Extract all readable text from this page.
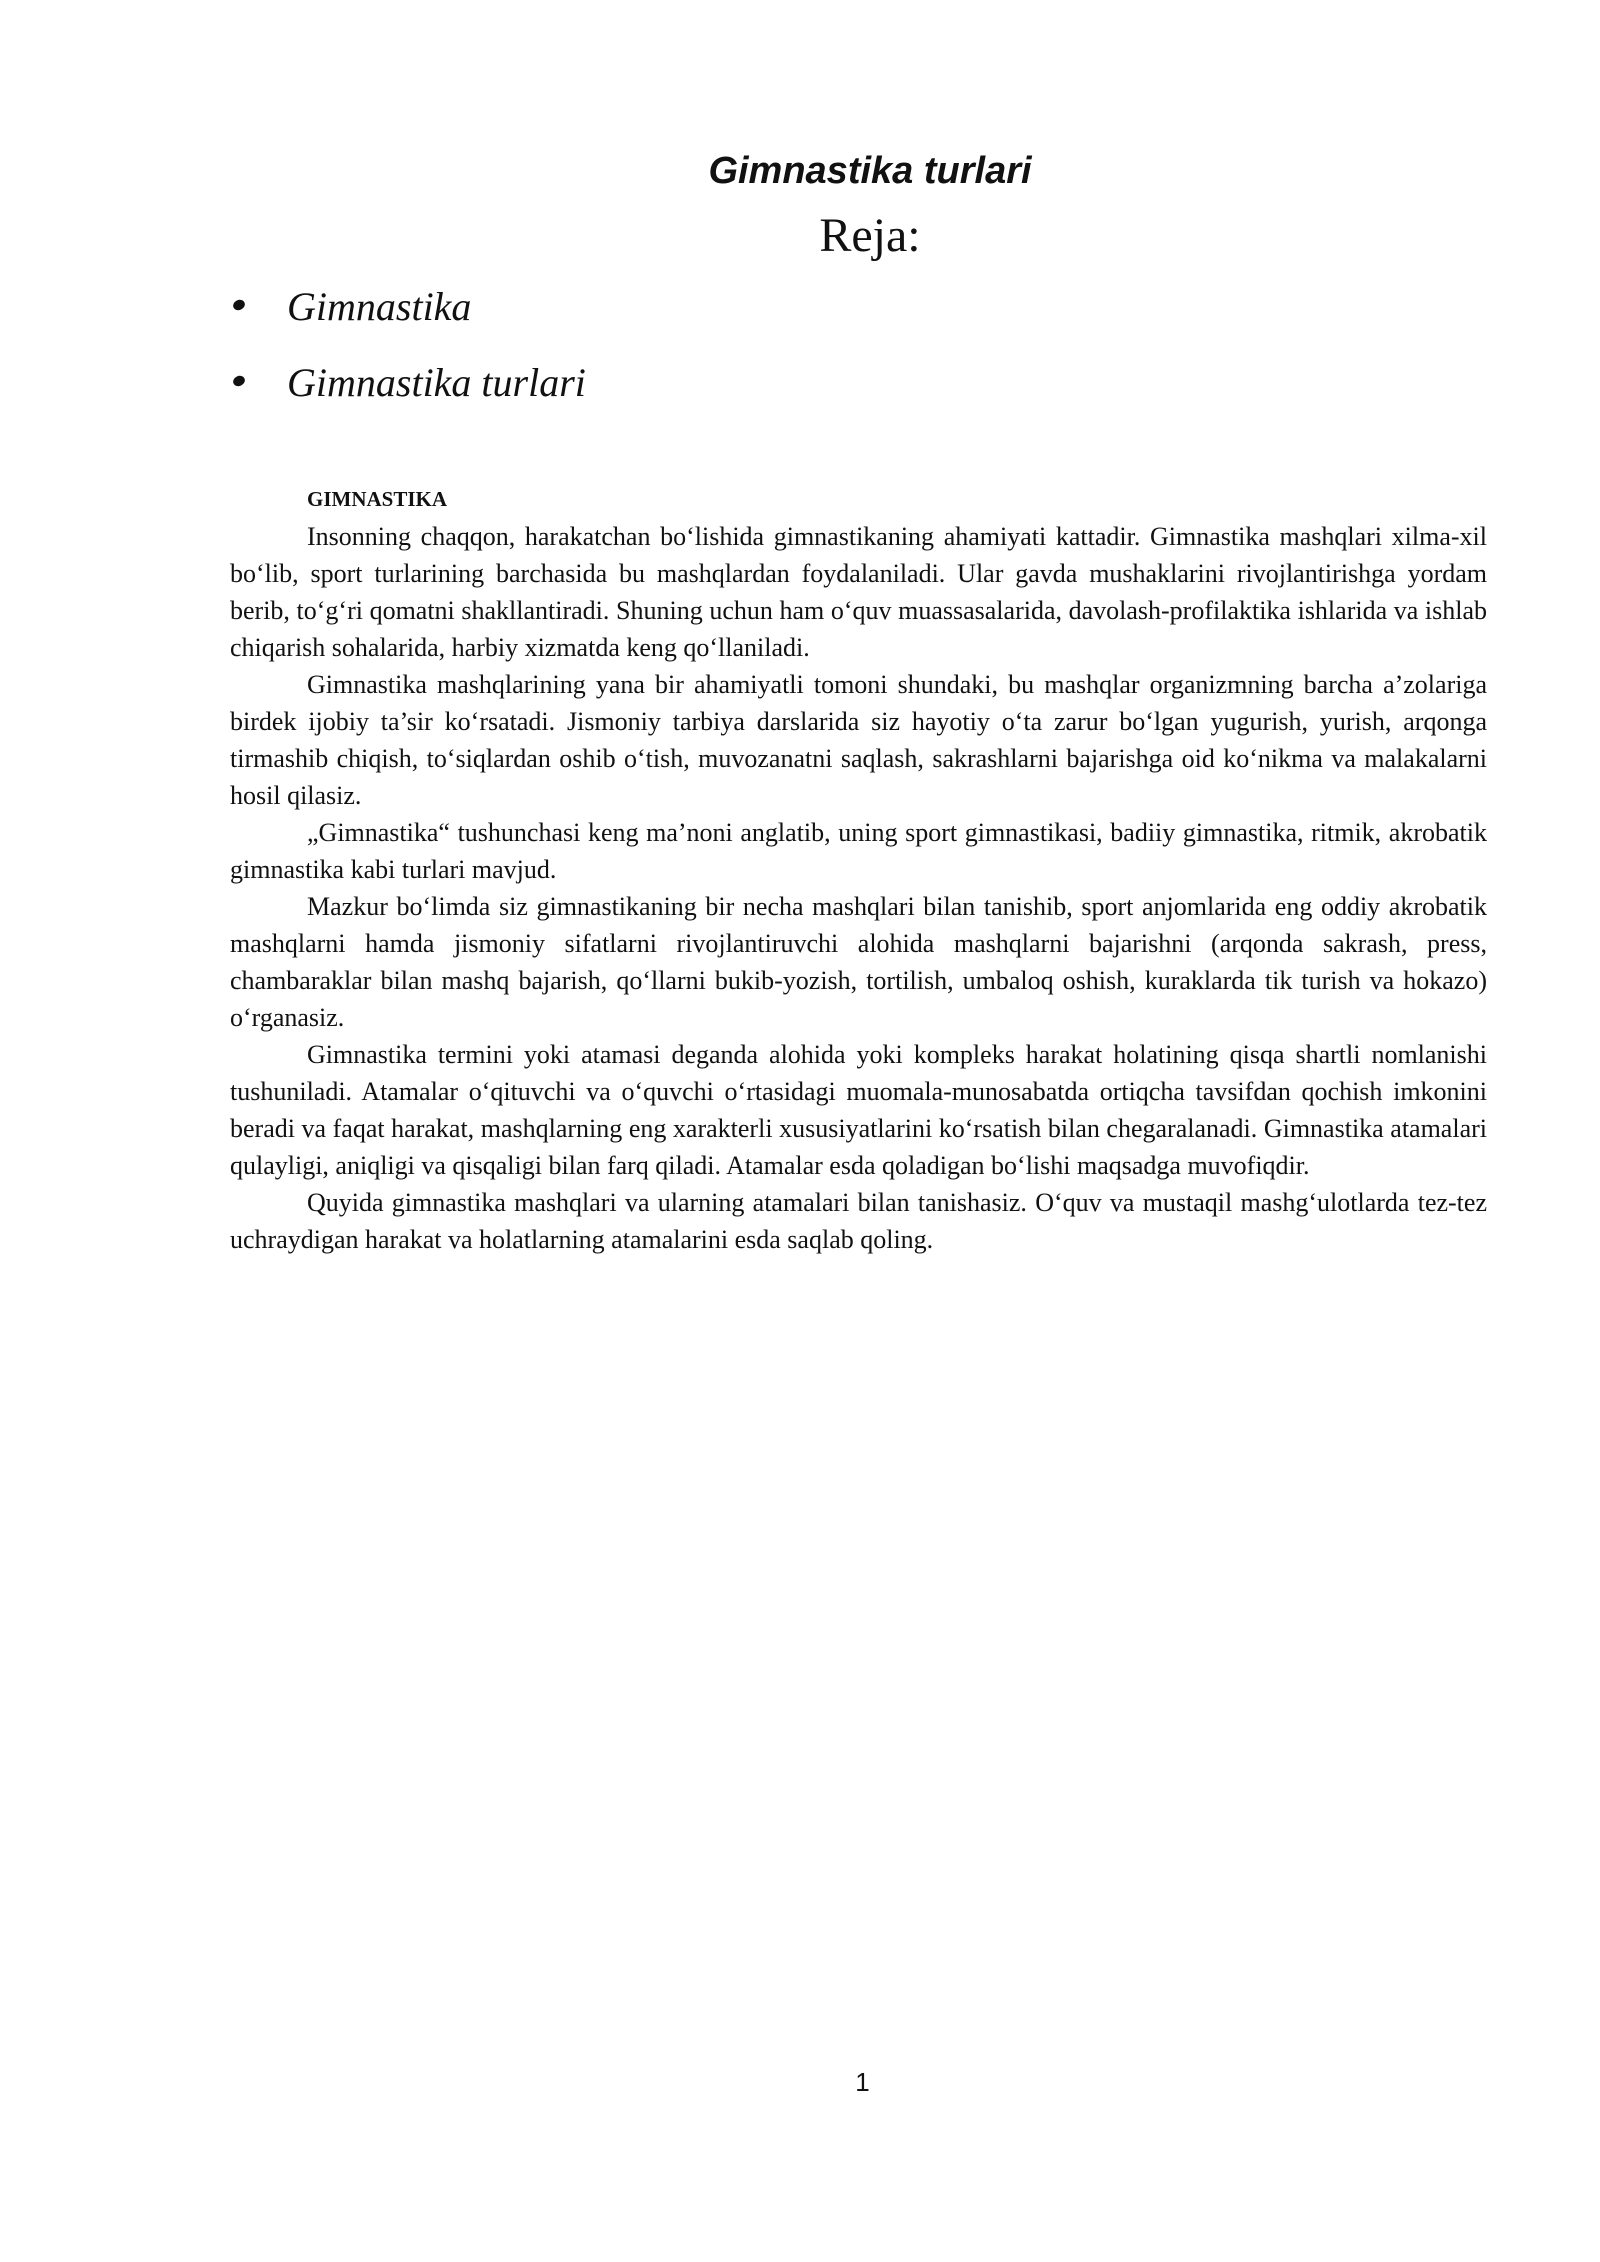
Gimnastika turlari
Reja:
Gimnastika
Gimnastika turlari
GIMNASTIKA

Insonning chaqqon, harakatchan bo‘lishida gimnastikaning ahamiyati kattadir. Gimnastika mashqlari xilma-xil bo‘lib, sport turlarining barchasida bu mashqlardan foydalaniladi. Ular gavda mushaklarini rivojlantirishga yordam berib, to‘g‘ri qomatni shakllantiradi. Shuning uchun ham o‘quv muassasalarida, davolash-profilaktika ishlarida va ishlab chiqarish sohalarida, harbiy xizmatda keng qo‘llaniladi.

Gimnastika mashqlarining yana bir ahamiyatli tomoni shundaki, bu mashqlar organizmning barcha a’zolariga birdek ijobiy ta’sir ko‘rsatadi. Jismoniy tarbiya darslarida siz hayotiy o‘ta zarur bo‘lgan yugurish, yurish, arqonga tirmashib chiqish, to‘siqlardan oshib o‘tish, muvozanatni saqlash, sakrashlarni bajarishga oid ko‘nikma va malakalarni hosil qilasiz.

„Gimnastika“ tushunchasi keng ma’noni anglatib, uning sport gimnastikasi, badiiy gimnastika, ritmik, akrobatik gimnastika kabi turlari mavjud.

Mazkur bo‘limda siz gimnastikaning bir necha mashqlari bilan tanishib, sport anjomlarida eng oddiy akrobatik mashqlarni hamda jismoniy sifatlarni rivojlantiruvchi alohida mashqlarni bajarishni (arqonda sakrash, press, chambaraklar bilan mashq bajarish, qo‘llarni bukib-yozish, tortilish, umbaloq oshish, kuraklarda tik turish va hokazo) o‘rganasiz.

Gimnastika termini yoki atamasi deganda alohida yoki kompleks harakat holatining qisqa shartli nomlanishi tushuniladi. Atamalar o‘qituvchi va o‘quvchi o‘rtasidagi muomala-munosabatda ortiqcha tavsifdan qochish imkonini beradi va faqat harakat, mashqlarning eng xarakterli xususiyatlarini ko‘rsatish bilan chegaralanadi. Gimnastika atamalari qulayligi, aniqligi va qisqaligi bilan farq qiladi. Atamalar esda qoladigan bo‘lishi maqsadga muvofiqdir.

Quyida gimnastika mashqlari va ularning atamalari bilan tanishasiz. O‘quv va mustaqil mashg‘ulotlarda tez-tez uchraydigan harakat va holatlarning atamalarini esda saqlab qoling.

1
